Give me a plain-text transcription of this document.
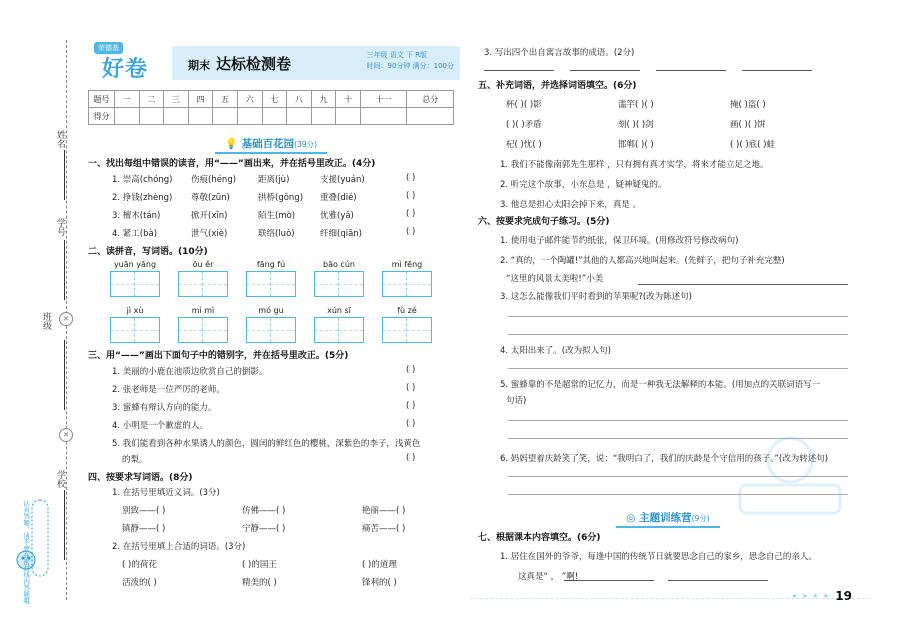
姓名
学号
✕
班级
✕
学校
认真答题，请不要在密封线内答题哦
荣德基
好卷	期末 达标检测卷	三年级 语文 下 R版
时间：90分钟 满分：100分
题号	一	二	三	四	五	六	七	八	九	十	十一	总分
得分												
💡 基础百花园(39分)
一、找出每组中错误的读音，用“——”画出来，并在括号里改正。(4分)
1. 崇高(chóng) 伤痕(héng)	距离(jù)	支援(yuán)	( )
2. 挣钱(zhèng) 尊敬(zūn)	拱桥(gǒng) 重叠(dié)	( )
3. 檀木(tán)	掀开(xīn)	陌生(mò)	优雅(yǎ)	( )
4. 紧工(bà)	泄气(xiè)	联络(luò)	纤细(qiān)	( )
二、读拼音，写词语。(10分)
yuān yāng	ōu ěr	fāng fú	bāo cún	mì fēng
jì xù	mì mì	mó gu	xún sī	fù zé
三、用“——”画出下面句子中的错别字，并在括号里改正。(5分)
1. 美丽的小鹿在池质边欣赏自己的倒影。	( )
2. 张老师是一位严厉的老师。	( )
3. 蜜蜂有辩认方向的能力。	( )
4. 小明是一个歉虚的人。	( )
5. 我们能看到各种水果诱人的颜色，圆闰的鲜红色的樱桃，深紫色的李子，浅黄色
的梨。	( )
四、按要求写词语。(8分)
1. 在括号里填近义词。(3分)
别致——( )	仿佛——( )	艳丽——( )
镇静——( )	宁静——( )	痛苦——( )
2. 在括号里填上合适的词语。(3分)
( )的荷花	( )的国王	( )的道理
活泼的( )	精美的( )	锋利的( )
3. 写出四个出自寓言故事的成语。(2分)
五、补充词语，并选择词语填空。(6分)
杯( )( )影	滥竽( )( )	掩( )盗( )
( )( )矛盾	刻( )( )剑	画( )( )饼
杞( )忧( )	邯郸( )( )	( )( )底( )蛙
1. 我们不能像南郭先生那样 ，只有拥有真才实学，将来才能立足之地。
2. 听完这个故事，小东总是 ，疑神疑鬼的。
3. 他总是担心太阳会掉下来，真是 。
六、按要求完成句子练习。(5分)
1. 使用电子邮件能节约纸张，保卫环境。(用修改符号修改病句)
2. “真的，一个陶罐!”其他的人都高兴地叫起来。(先鲜子，把句子补充完整)
“这里的风景太美啦!”小美
3. 这怎么能像我们平时看到的苹果呢?(改为陈述句)
4. 太阳出来了。(改为拟人句)
5. 蜜蜂靠的不是超常的记忆力，而是一种我无法解释的本能。(用加点的关联词语写一
句话)
6. 妈妈望着庆龄笑了笑，说：“我明白了，我们的庆龄是个守信用的孩子。”(改为转述句)
◎ 主题训练营(9分)
七、根据课本内容填空。(6分)
1. 居住在国外的爷爷，每逢中国的传统节日就要思念自己的家乡，思念自己的亲人。
这真是“ ， ”啊!
★ ★ ★ ★ 19
